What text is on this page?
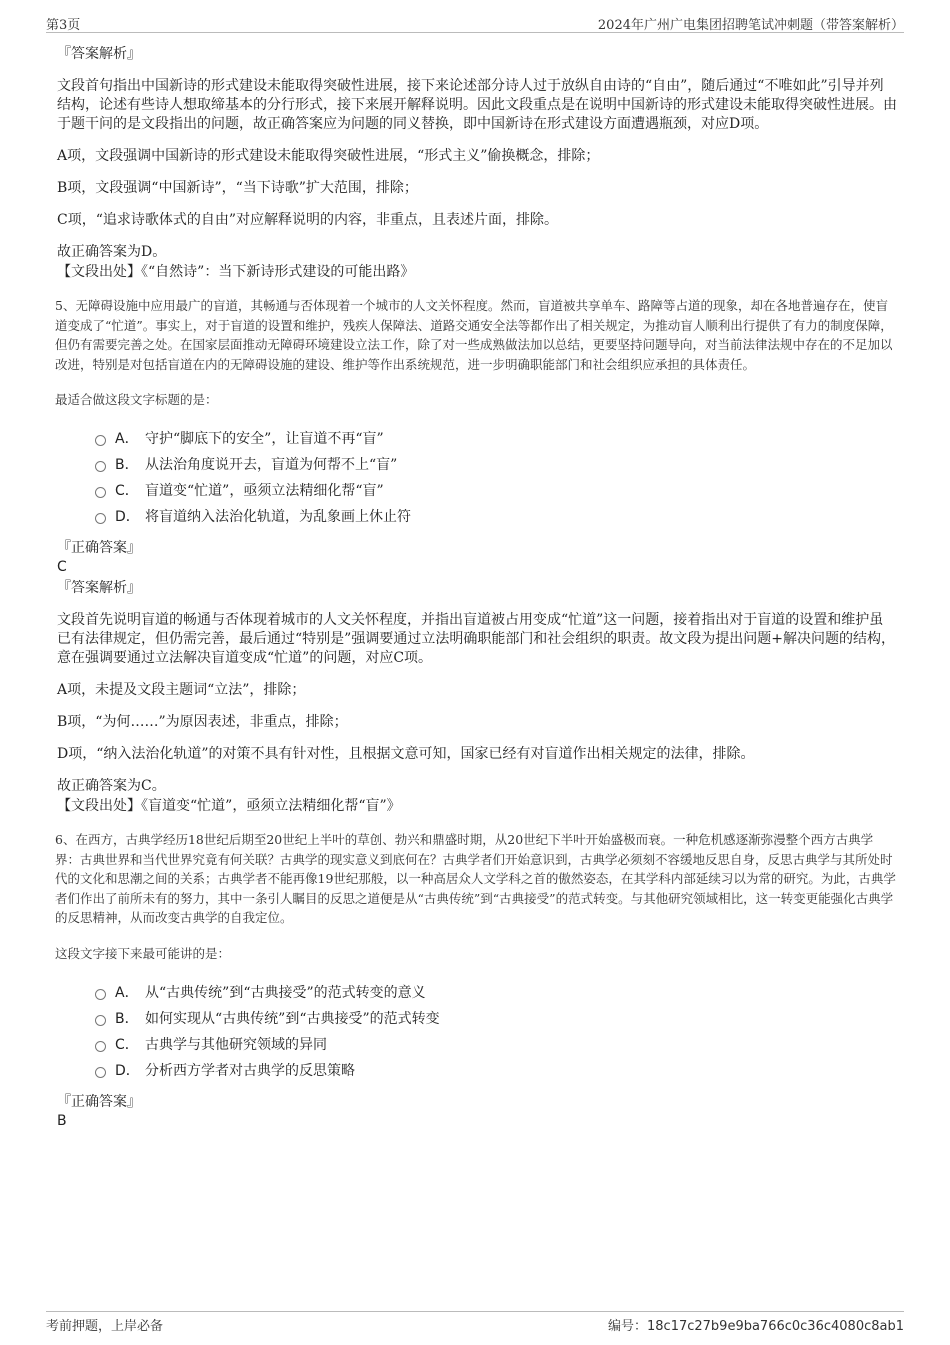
第3页	2024年广州广电集团招聘笔试冲刺题（带答案解析）

『答案解析』

文段首句指出中国新诗的形式建设未能取得突破性进展，接下来论述部分诗人过于放纵自由诗的“自由”，随后通过“不唯如此”引导并列结构，论述有些诗人想取缔基本的分行形式，接下来展开解释说明。因此文段重点是在说明中国新诗的形式建设未能取得突破性进展。由于题干问的是文段指出的问题，故正确答案应为问题的同义替换，即中国新诗在形式建设方面遭遇瓶颈，对应D项。

A项，文段强调中国新诗的形式建设未能取得突破性进展，“形式主义”偷换概念，排除；

B项，文段强调“中国新诗”，“当下诗歌”扩大范围，排除；

C项，“追求诗歌体式的自由”对应解释说明的内容，非重点，且表述片面，排除。

故正确答案为D。

【文段出处】《“自然诗”：当下新诗形式建设的可能出路》

5、无障碍设施中应用最广的盲道，其畅通与否体现着一个城市的人文关怀程度。然而，盲道被共享单车、路障等占道的现象，却在各地普遍存在，使盲道变成了“忙道”。事实上，对于盲道的设置和维护，残疾人保障法、道路交通安全法等都作出了相关规定，为推动盲人顺利出行提供了有力的制度保障，但仍有需要完善之处。在国家层面推动无障碍环境建设立法工作，除了对一些成熟做法加以总结，更要坚持问题导向，对当前法律法规中存在的不足加以改进，特别是对包括盲道在内的无障碍设施的建设、维护等作出系统规范，进一步明确职能部门和社会组织应承担的具体责任。

最适合做这段文字标题的是：

A． 守护“脚底下的安全”，让盲道不再“盲”
B． 从法治角度说开去，盲道为何帮不上“盲”
C． 盲道变“忙道”，亟须立法精细化帮“盲”
D． 将盲道纳入法治化轨道，为乱象画上休止符

『正确答案』

C

『答案解析』

文段首先说明盲道的畅通与否体现着城市的人文关怀程度，并指出盲道被占用变成“忙道”这一问题，接着指出对于盲道的设置和维护虽已有法律规定，但仍需完善，最后通过“特别是”强调要通过立法明确职能部门和社会组织的职责。故文段为提出问题+解决问题的结构，意在强调要通过立法解决盲道变成“忙道”的问题，对应C项。

A项，未提及文段主题词“立法”，排除；

B项，“为何……”为原因表述，非重点，排除；

D项，“纳入法治化轨道”的对策不具有针对性，且根据文意可知，国家已经有对盲道作出相关规定的法律，排除。

故正确答案为C。

【文段出处】《盲道变“忙道”，亟须立法精细化帮“盲”》

6、在西方，古典学经历18世纪后期至20世纪上半叶的草创、勃兴和鼎盛时期，从20世纪下半叶开始盛极而衰。一种危机感逐渐弥漫整个西方古典学界：古典世界和当代世界究竟有何关联？古典学的现实意义到底何在？古典学者们开始意识到，古典学必须刻不容缓地反思自身，反思古典学与其所处时代的文化和思潮之间的关系；古典学者不能再像19世纪那般，以一种高居众人文学科之首的傲然姿态，在其学科内部延续习以为常的研究。为此，古典学者们作出了前所未有的努力，其中一条引人瞩目的反思之道便是从“古典传统”到“古典接受”的范式转变。与其他研究领域相比，这一转变更能强化古典学的反思精神，从而改变古典学的自我定位。

这段文字接下来最可能讲的是：

A． 从“古典传统”到“古典接受”的范式转变的意义
B． 如何实现从“古典传统”到“古典接受”的范式转变
C． 古典学与其他研究领域的异同
D． 分析西方学者对古典学的反思策略

『正确答案』

B

考前押题，上岸必备	编号：18c17c27b9e9ba766c0c36c4080c8ab1
